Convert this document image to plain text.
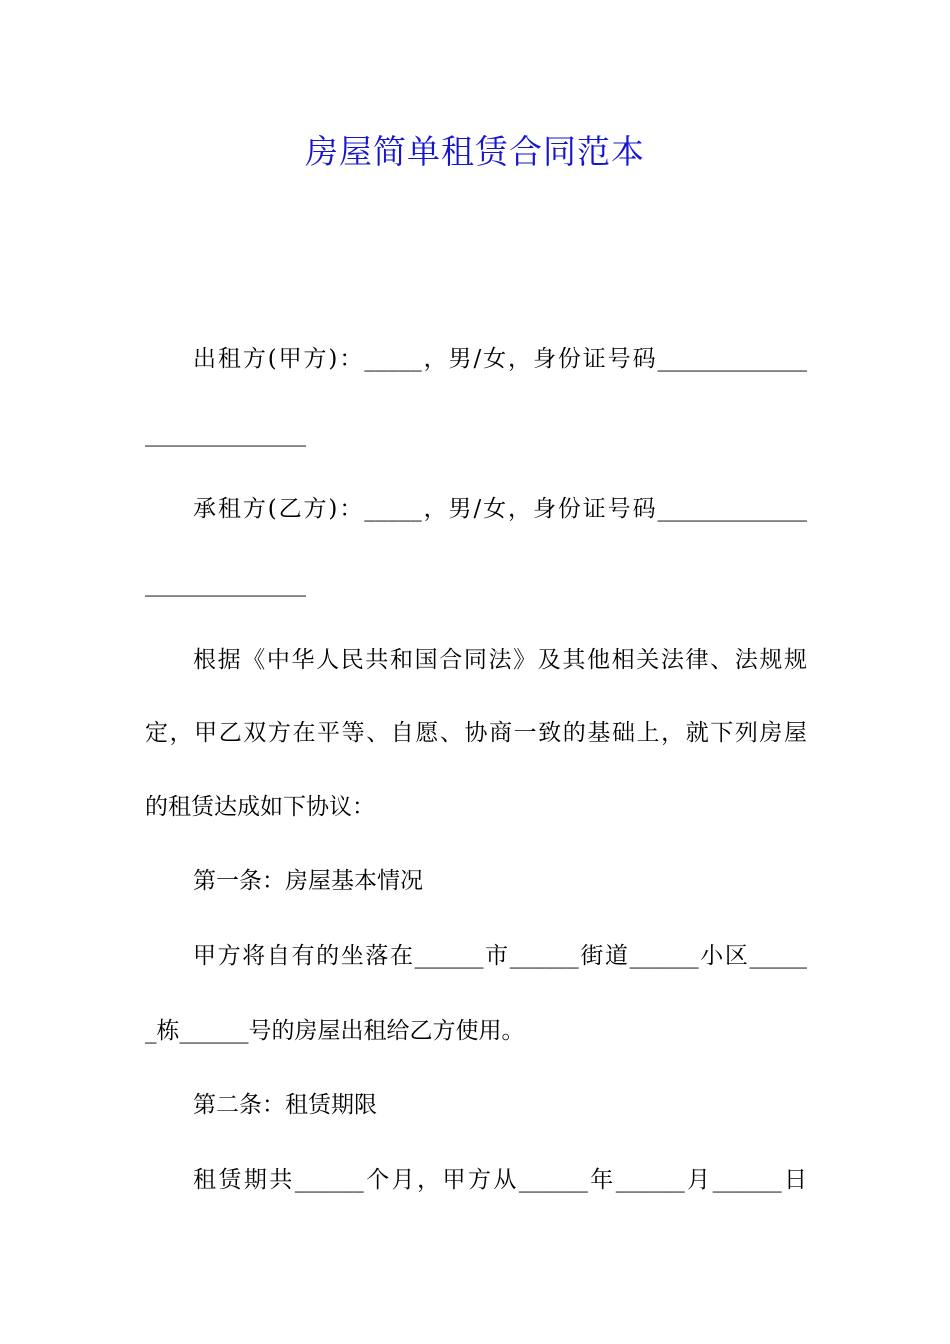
房屋简单租赁合同范本

出租方(甲方)：_____，男/女，身份证号码_____________

______________

承租方(乙方)：_____，男/女，身份证号码_____________

______________

根据《中华人民共和国合同法》及其他相关法律、法规规

定，甲乙双方在平等、自愿、协商一致的基础上，就下列房屋

的租赁达成如下协议：

第一条：房屋基本情况

甲方将自有的坐落在______市______街道______小区_____

_栋______号的房屋出租给乙方使用。

第二条：租赁期限

租赁期共______个月，甲方从______年______月______日
